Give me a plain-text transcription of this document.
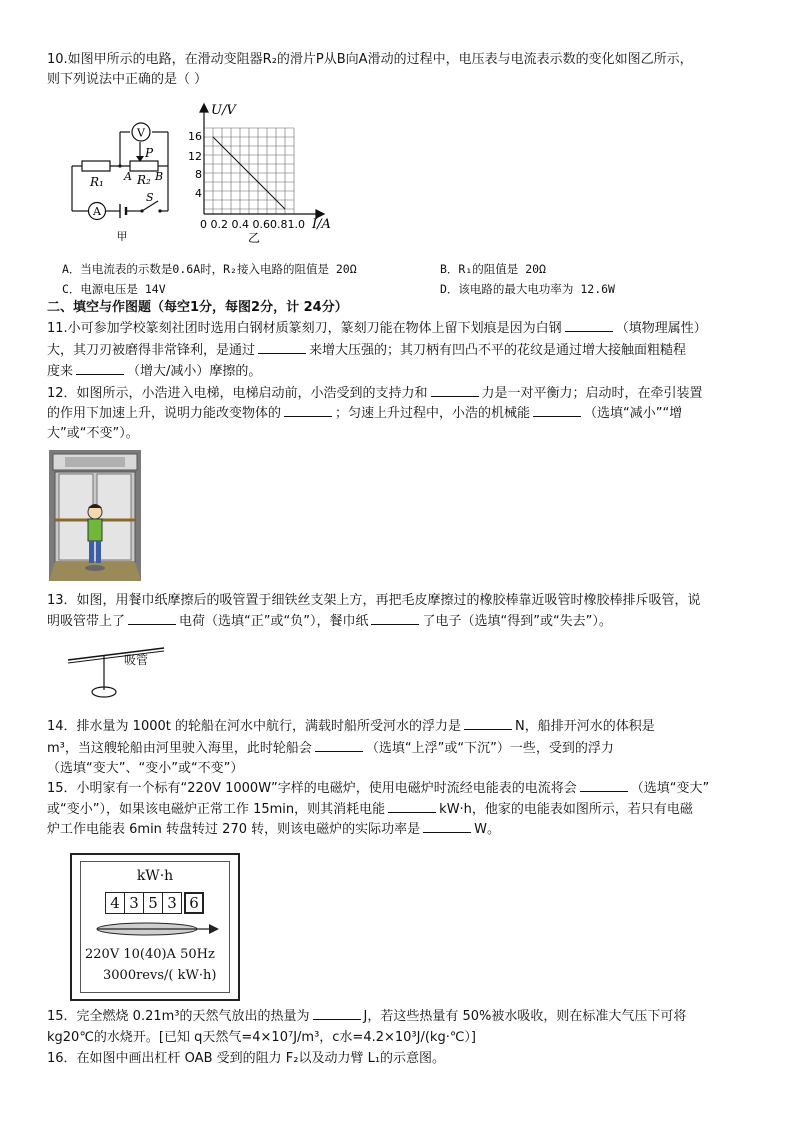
10.如图甲所示的电路，在滑动变阻器R₂的滑片P从B向A滑动的过程中，电压表与电流表示数的变化如图乙所示，
则下列说法中正确的是（ ）
V
P
R₁ A R₂ B
A
S
甲
U/V
16
12
8
4
0 0.2 0.4 0.60.81.0 I/A
乙
A．当电流表的示数是0.6A时，R₂接入电路的阻值是 20Ω	B．R₁的阻值是 20Ω
C．电源电压是 14V	D．该电路的最大电功率为 12.6W
二、填空与作图题（每空1分，每图2分，计 24分）
11.小可参加学校篆刻社团时选用白钢材质篆刻刀，篆刻刀能在物体上留下划痕是因为白钢	（填物理属性）
大，其刀刃被磨得非常锋利，是通过	来增大压强的；其刀柄有凹凸不平的花纹是通过增大接触面粗糙程
度来	（增大/减小）摩擦的。
12．如图所示，小浩进入电梯，电梯启动前，小浩受到的支持力和	力是一对平衡力；启动时，在牵引装置
的作用下加速上升，说明力能改变物体的	；匀速上升过程中，小浩的机械能	（选填“减小”“增
大”或“不变”）。
13．如图，用餐巾纸摩擦后的吸管置于细铁丝支架上方，再把毛皮摩擦过的橡胶棒靠近吸管时橡胶棒排斥吸管，说
明吸管带上了	电荷（选填“正”或“负”），餐巾纸	了电子（选填“得到”或“失去”）。
吸管
14．排水量为 1000t 的轮船在河水中航行，满载时船所受河水的浮力是	N，船排开河水的体积是
m³，当这艘轮船由河里驶入海里，此时轮船会	（选填“上浮”或“下沉”）一些，受到的浮力
（选填“变大”、“变小”或“不变”）
15．小明家有一个标有“220V 1000W”字样的电磁炉，使用电磁炉时流经电能表的电流将会	（选填“变大”
或“变小”），如果该电磁炉正常工作 15min，则其消耗电能	kW·h，他家的电能表如图所示，若只有电磁
炉工作电能表 6min 转盘转过 270 转，则该电磁炉的实际功率是	W。
kW·h
4 3 5 3 6
220V 10(40)A 50Hz
3000revs/( kW·h)
15．完全燃烧 0.21m³的天然气放出的热量为	J，若这些热量有 50%被水吸收，则在标准大气压下可将
kg20℃的水烧开。[已知 q天然气=4×10⁷J/m³，c水=4.2×10³J/(kg·℃）]
16．在如图中画出杠杆 OAB 受到的阻力 F₂以及动力臂 L₁的示意图。
